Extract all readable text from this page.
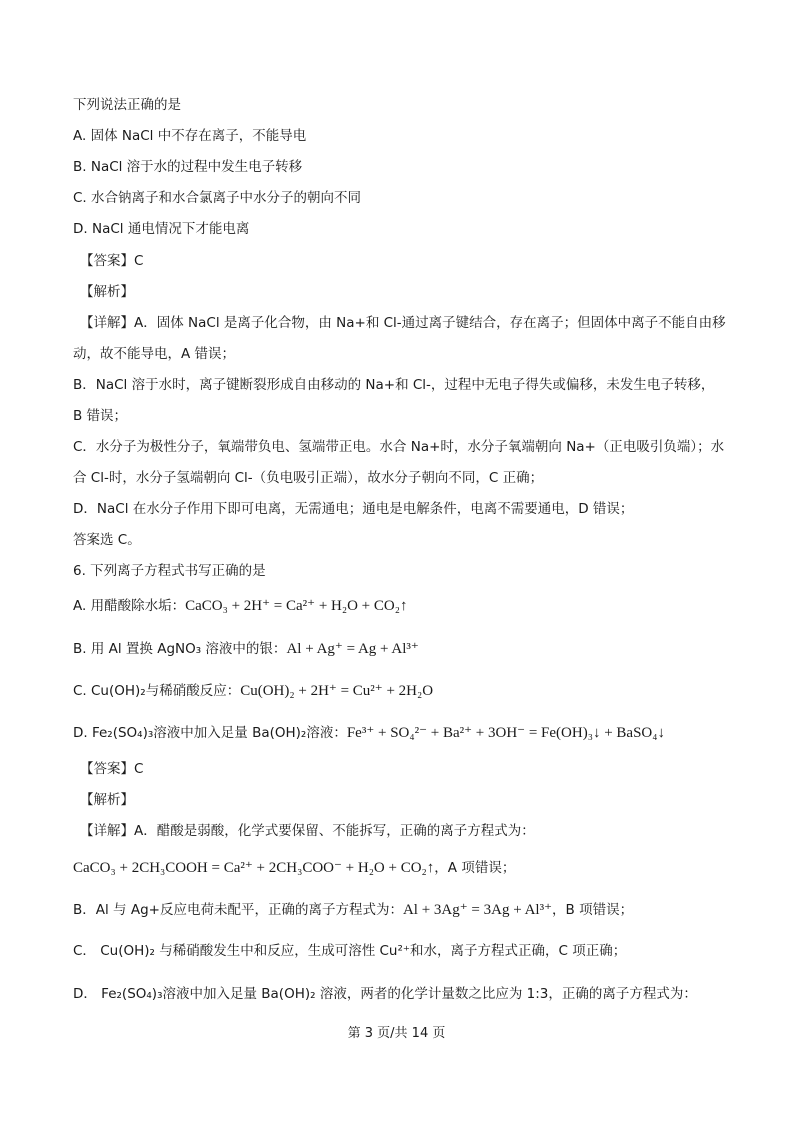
下列说法正确的是
A. 固体 NaCl 中不存在离子，不能导电
B. NaCl 溶于水的过程中发生电子转移
C. 水合钠离子和水合氯离子中水分子的朝向不同
D. NaCl 通电情况下才能电离
【答案】C
【解析】
【详解】A．固体 NaCl 是离子化合物，由 Na+和 Cl-通过离子键结合，存在离子；但固体中离子不能自由移
动，故不能导电，A 错误；
B．NaCl 溶于水时，离子键断裂形成自由移动的 Na+和 Cl-，过程中无电子得失或偏移，未发生电子转移，
B 错误；
C．水分子为极性分子，氧端带负电、氢端带正电。水合 Na+时，水分子氧端朝向 Na+（正电吸引负端）；水
合 Cl-时，水分子氢端朝向 Cl-（负电吸引正端），故水分子朝向不同，C 正确；
D．NaCl 在水分子作用下即可电离，无需通电；通电是电解条件，电离不需要通电，D 错误；
答案选 C。
6. 下列离子方程式书写正确的是
A. 用醋酸除水垢：CaCO₃ + 2H⁺ = Ca²⁺ + H₂O + CO₂↑
B. 用 Al 置换 AgNO₃ 溶液中的银：Al + Ag⁺ = Ag + Al³⁺
C. Cu(OH)₂与稀硝酸反应：Cu(OH)₂ + 2H⁺ = Cu²⁺ + 2H₂O
D. Fe₂(SO₄)₃溶液中加入足量 Ba(OH)₂溶液：Fe³⁺ + SO₄²⁻ + Ba²⁺ + 3OH⁻ = Fe(OH)₃↓ + BaSO₄↓
【答案】C
【解析】
【详解】A．醋酸是弱酸，化学式要保留、不能拆写，正确的离子方程式为：
CaCO₃ + 2CH₃COOH = Ca²⁺ + 2CH₃COO⁻ + H₂O + CO₂↑，A 项错误；
B．Al 与 Ag+反应电荷未配平，正确的离子方程式为：Al + 3Ag⁺ = 3Ag + Al³⁺，B 项错误；
C． Cu(OH)₂ 与稀硝酸发生中和反应，生成可溶性 Cu²⁺和水，离子方程式正确，C 项正确；
D． Fe₂(SO₄)₃溶液中加入足量 Ba(OH)₂ 溶液，两者的化学计量数之比应为 1:3，正确的离子方程式为：
第 3 页/共 14 页
